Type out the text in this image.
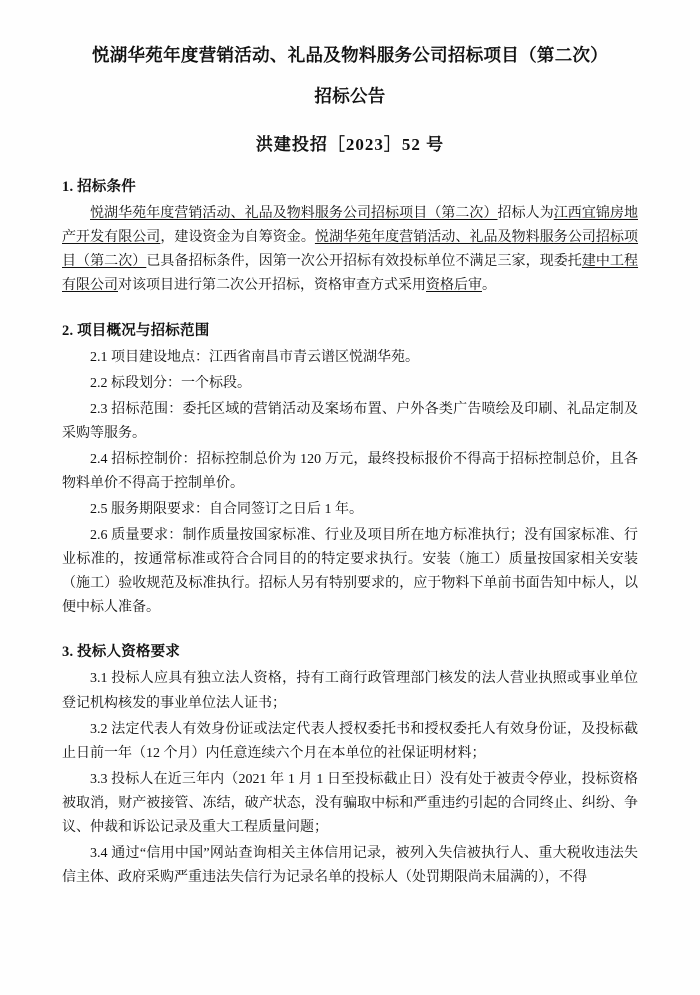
悦湖华苑年度营销活动、礼品及物料服务公司招标项目（第二次）
招标公告
洪建投招［2023］52 号
1. 招标条件
悦湖华苑年度营销活动、礼品及物料服务公司招标项目（第二次）招标人为江西宜锦房地产开发有限公司，建设资金为自筹资金。悦湖华苑年度营销活动、礼品及物料服务公司招标项目（第二次）已具备招标条件，因第一次公开招标有效投标单位不满足三家，现委托建中工程有限公司对该项目进行第二次公开招标，资格审查方式采用资格后审。
2. 项目概况与招标范围
2.1 项目建设地点：江西省南昌市青云谱区悦湖华苑。
2.2 标段划分：一个标段。
2.3 招标范围：委托区域的营销活动及案场布置、户外各类广告喷绘及印刷、礼品定制及采购等服务。
2.4 招标控制价：招标控制总价为 120 万元，最终投标报价不得高于招标控制总价，且各物料单价不得高于控制单价。
2.5 服务期限要求：自合同签订之日后 1 年。
2.6 质量要求：制作质量按国家标准、行业及项目所在地方标准执行；没有国家标准、行业标准的，按通常标准或符合合同目的的特定要求执行。安装（施工）质量按国家相关安装（施工）验收规范及标准执行。招标人另有特别要求的，应于物料下单前书面告知中标人，以便中标人准备。
3. 投标人资格要求
3.1 投标人应具有独立法人资格，持有工商行政管理部门核发的法人营业执照或事业单位登记机构核发的事业单位法人证书；
3.2 法定代表人有效身份证或法定代表人授权委托书和授权委托人有效身份证，及投标截止日前一年（12 个月）内任意连续六个月在本单位的社保证明材料；
3.3 投标人在近三年内（2021 年 1 月 1 日至投标截止日）没有处于被责令停业，投标资格被取消，财产被接管、冻结，破产状态，没有骗取中标和严重违约引起的合同终止、纠纷、争议、仲裁和诉讼记录及重大工程质量问题；
3.4 通过“信用中国”网站查询相关主体信用记录，被列入失信被执行人、重大税收违法失信主体、政府采购严重违法失信行为记录名单的投标人（处罚期限尚未届满的），不得
